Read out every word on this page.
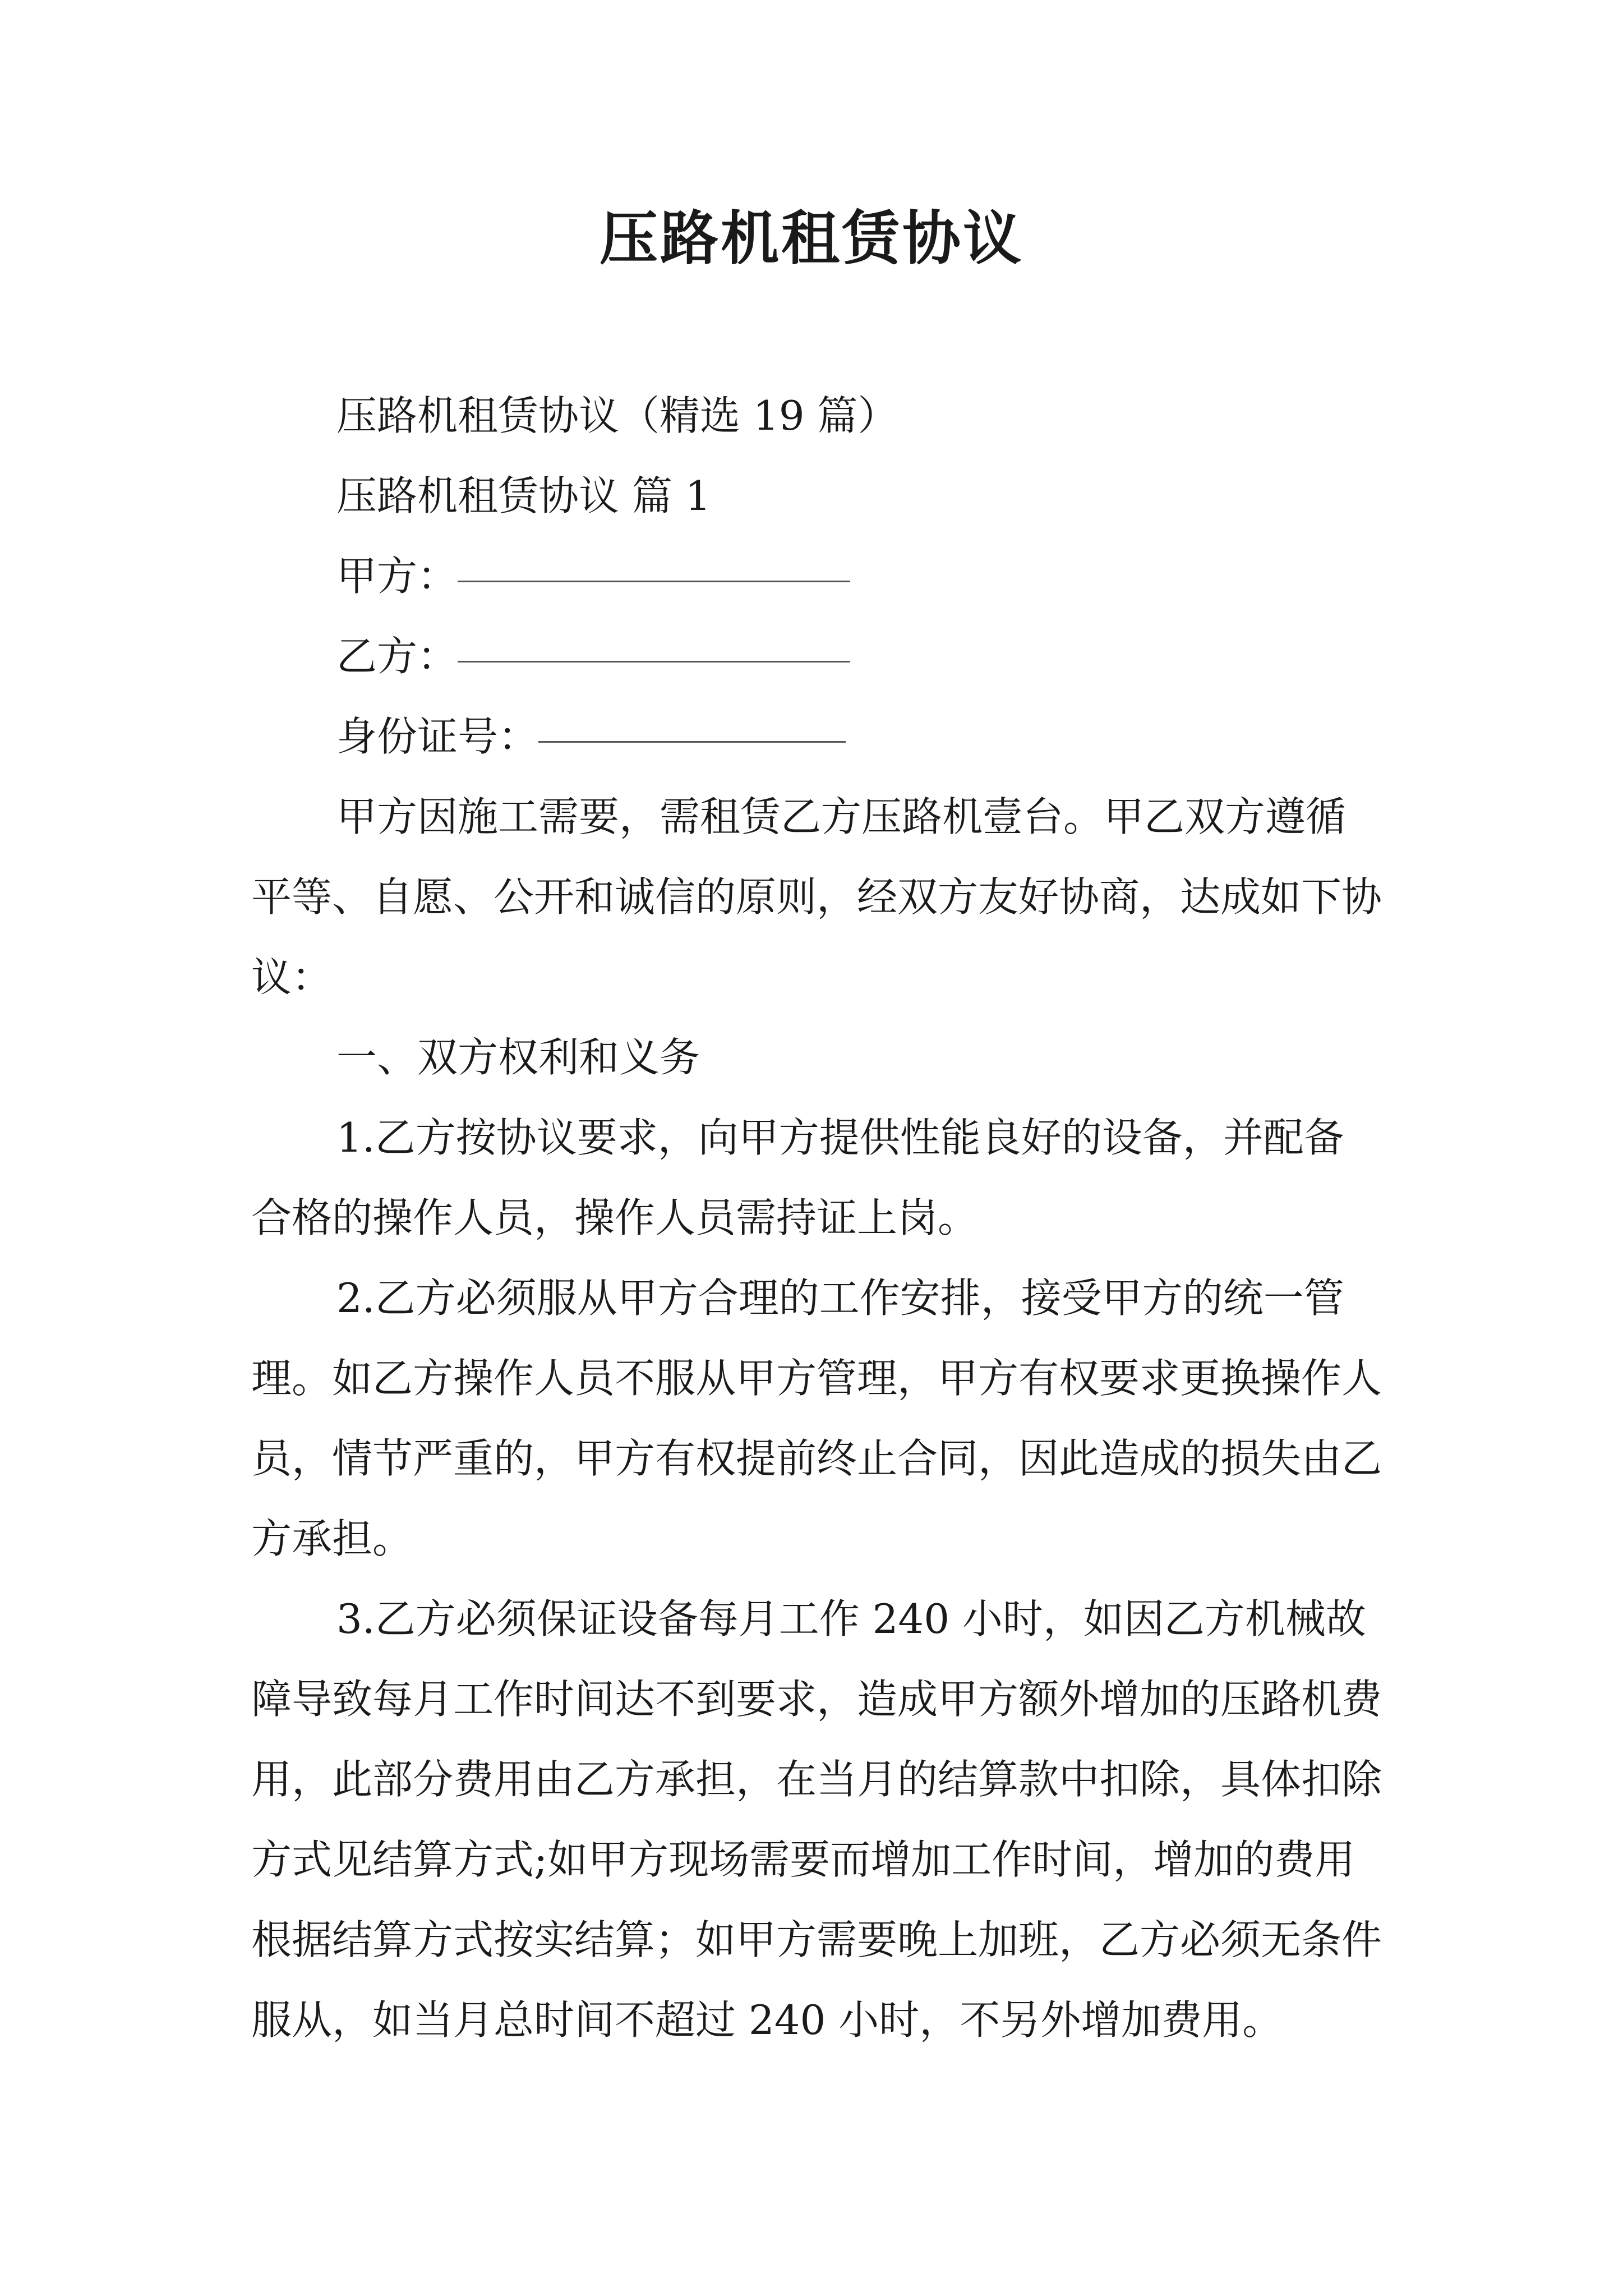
压路机租赁协议

压路机租赁协议（精选 19 篇）

压路机租赁协议 篇 1

甲方：
乙方：
身份证号：

甲方因施工需要，需租赁乙方压路机壹台。甲乙双方遵循平等、自愿、公开和诚信的原则，经双方友好协商，达成如下协议：

一、双方权利和义务

1.乙方按协议要求，向甲方提供性能良好的设备，并配备合格的操作人员，操作人员需持证上岗。

2.乙方必须服从甲方合理的工作安排，接受甲方的统一管理。如乙方操作人员不服从甲方管理，甲方有权要求更换操作人员，情节严重的，甲方有权提前终止合同，因此造成的损失由乙方承担。

3.乙方必须保证设备每月工作 240 小时，如因乙方机械故障导致每月工作时间达不到要求，造成甲方额外增加的压路机费用，此部分费用由乙方承担，在当月的结算款中扣除，具体扣除方式见结算方式;如甲方现场需要而增加工作时间，增加的费用根据结算方式按实结算；如甲方需要晚上加班，乙方必须无条件服从，如当月总时间不超过 240 小时，不另外增加费用。
